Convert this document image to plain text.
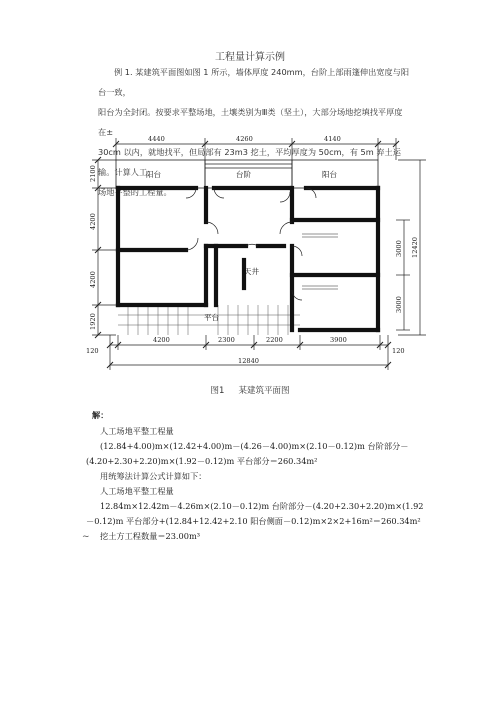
工程量计算示例
例 1. 某建筑平面图如图 1 所示，墙体厚度 240mm，台阶上部雨篷伸出宽度与阳台一致，
阳台为全封闭。按要求平整场地，土壤类别为Ⅲ类（坚土），大部分场地挖填找平厚度在±
30cm 以内，就地找平，但局部有 23m3 挖土，平均厚度为 50cm，有 5m 弃土运输。计算人工
场地平整的工程量。
阳台	台阶	阳台
天井
平台
4440	4260	4140
120
4200	2300	2200	3900
120
12840
2100
4200
4200
1920
3000
3000
12420
图1 某建筑平面图
解：
人工场地平整工程量
(12.84+4.00)m×(12.42+4.00)m－(4.26－4.00)m×(2.10－0.12)m 台阶部分－
(4.20+2.30+2.20)m×(1.92－0.12)m 平台部分＝260.34m²
用统筹法计算公式计算如下：
人工场地平整工程量
12.84m×12.42m－4.26m×(2.10－0.12)m 台阶部分－(4.20+2.30+2.20)m×(1.92
－0.12)m 平台部分+(12.84+12.42+2.10 阳台侧面－0.12)m×2×2+16m²＝260.34m²
挖土方工程数量＝23.00m³
~
